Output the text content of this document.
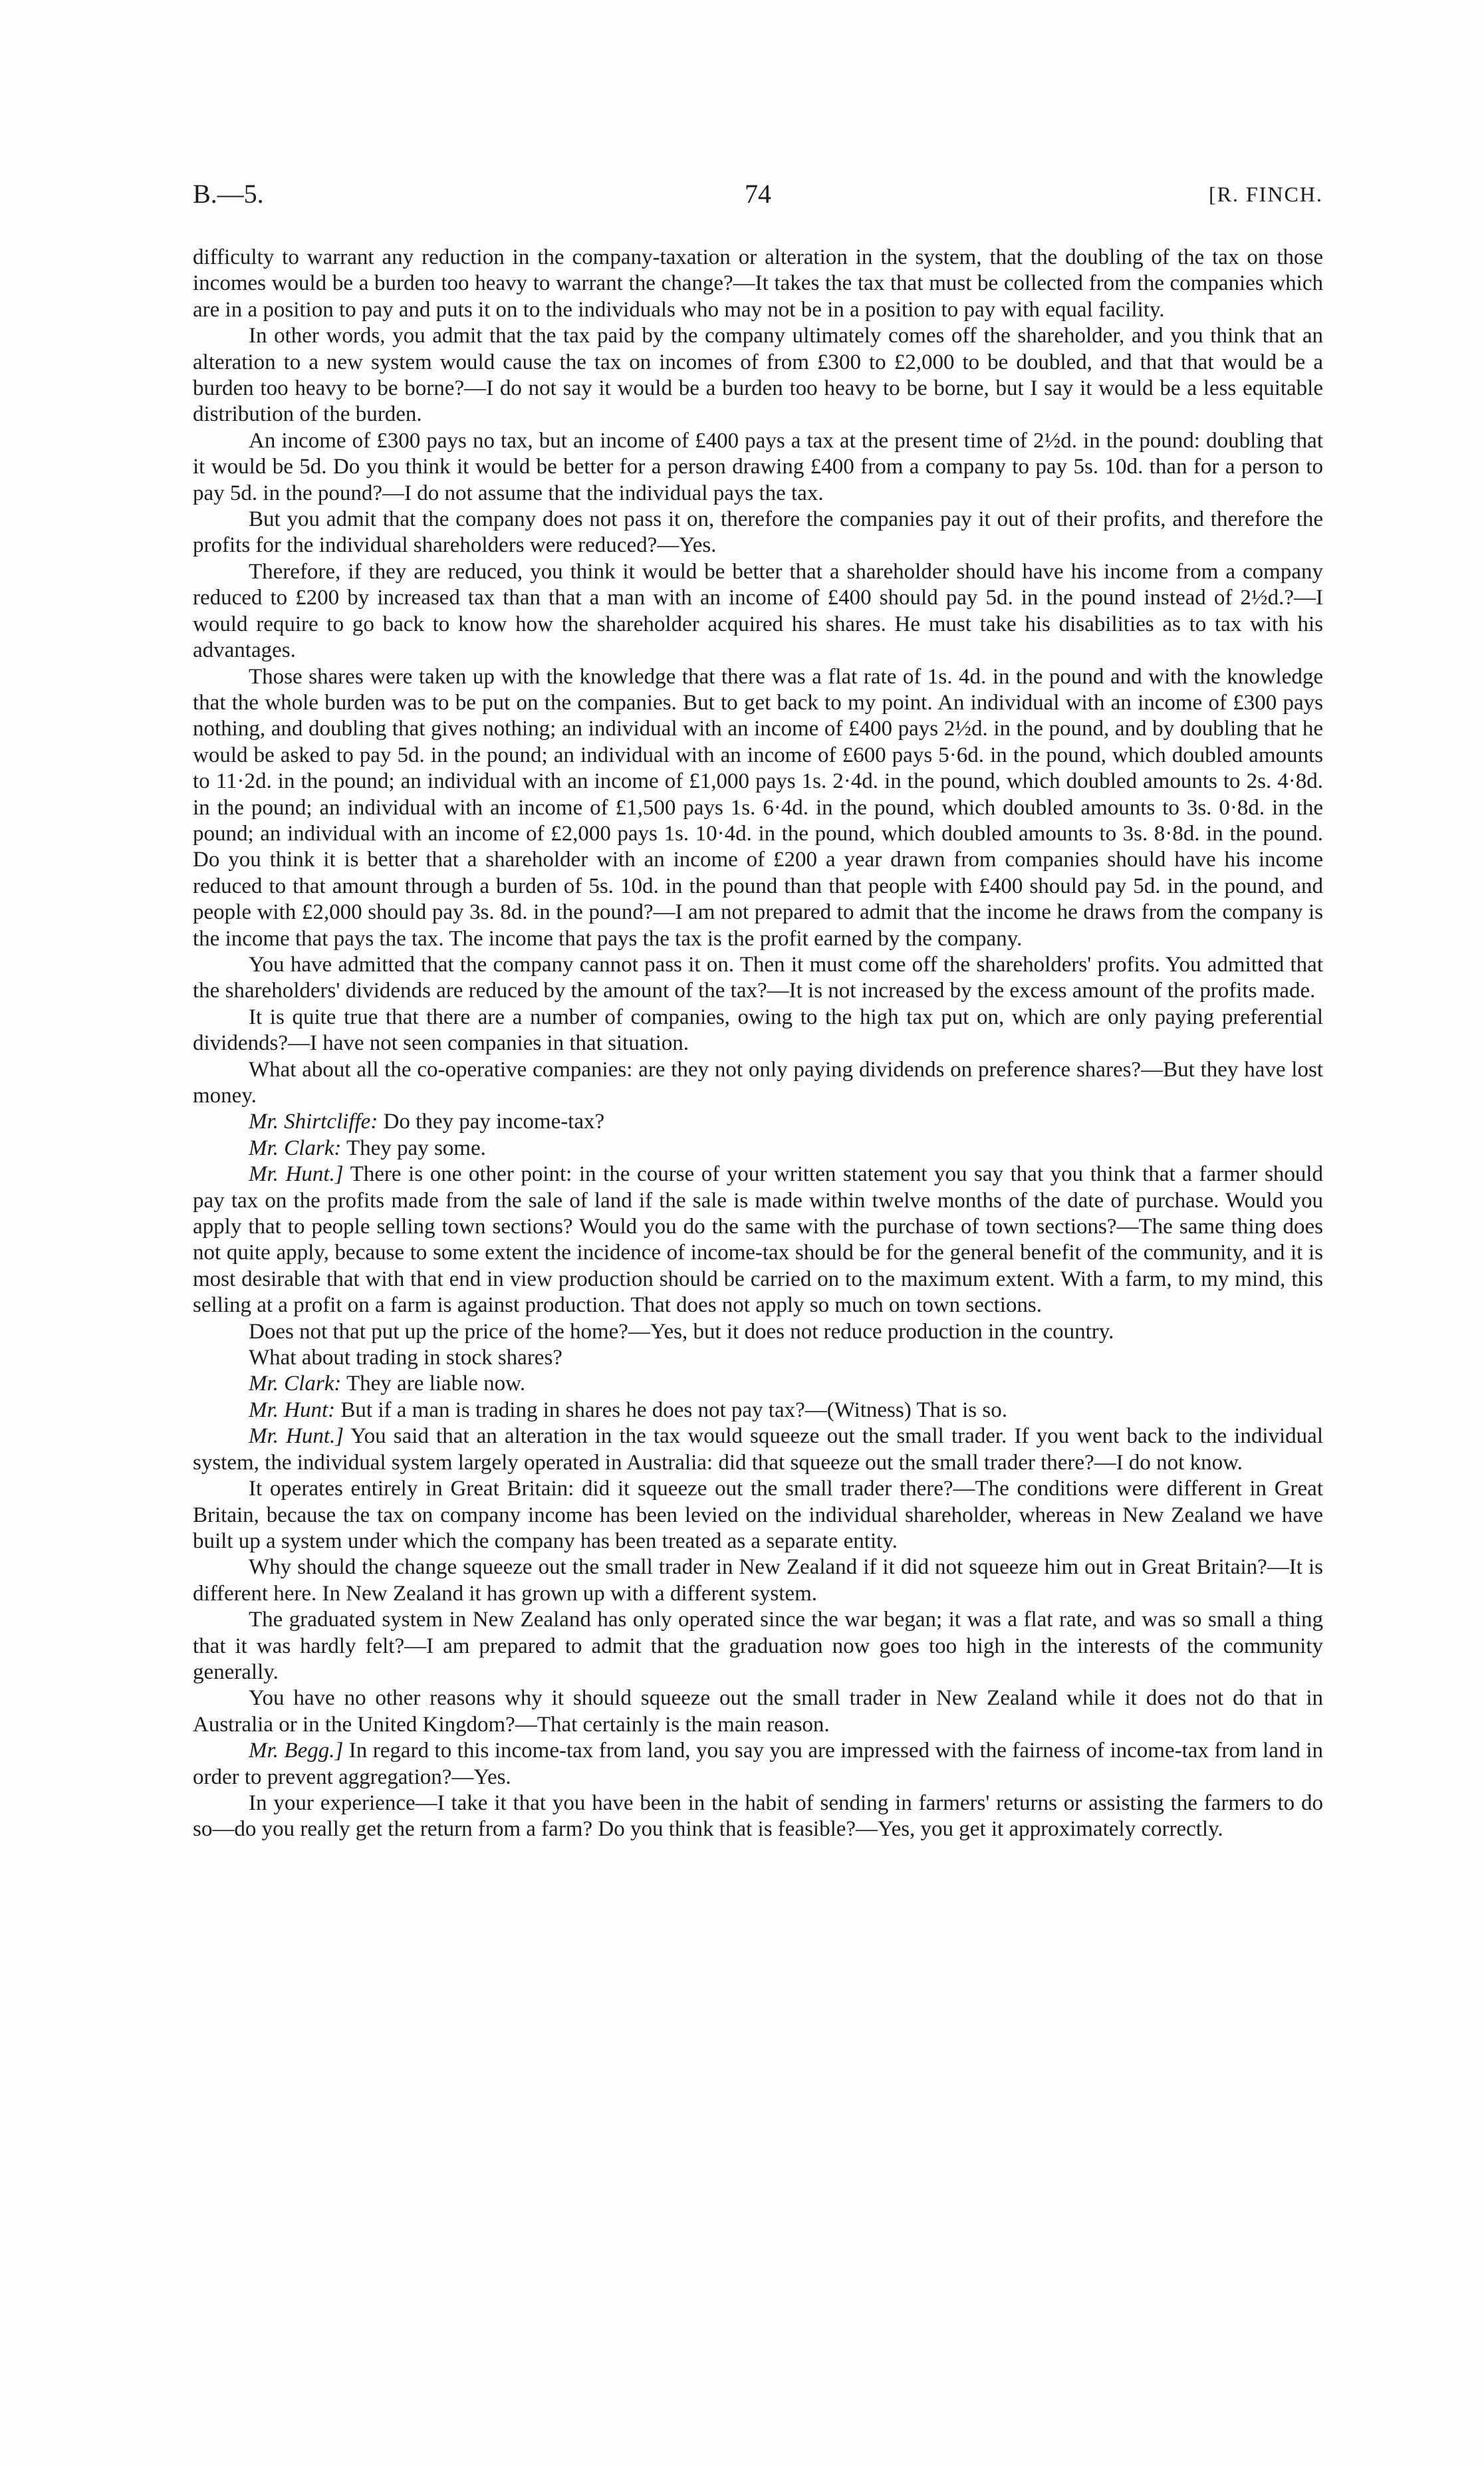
B.—5.	74	[R. FINCH.

difficulty to warrant any reduction in the company-taxation or alteration in the system, that the doubling of the tax on those incomes would be a burden too heavy to warrant the change?—It takes the tax that must be collected from the companies which are in a position to pay and puts it on to the individuals who may not be in a position to pay with equal facility.

In other words, you admit that the tax paid by the company ultimately comes off the shareholder, and you think that an alteration to a new system would cause the tax on incomes of from £300 to £2,000 to be doubled, and that that would be a burden too heavy to be borne?—I do not say it would be a burden too heavy to be borne, but I say it would be a less equitable distribution of the burden.

An income of £300 pays no tax, but an income of £400 pays a tax at the present time of 2½d. in the pound: doubling that it would be 5d. Do you think it would be better for a person drawing £400 from a company to pay 5s. 10d. than for a person to pay 5d. in the pound?—I do not assume that the individual pays the tax.

But you admit that the company does not pass it on, therefore the companies pay it out of their profits, and therefore the profits for the individual shareholders were reduced?—Yes.

Therefore, if they are reduced, you think it would be better that a shareholder should have his income from a company reduced to £200 by increased tax than that a man with an income of £400 should pay 5d. in the pound instead of 2½d.?—I would require to go back to know how the shareholder acquired his shares. He must take his disabilities as to tax with his advantages.

Those shares were taken up with the knowledge that there was a flat rate of 1s. 4d. in the pound and with the knowledge that the whole burden was to be put on the companies. But to get back to my point. An individual with an income of £300 pays nothing, and doubling that gives nothing; an individual with an income of £400 pays 2½d. in the pound, and by doubling that he would be asked to pay 5d. in the pound; an individual with an income of £600 pays 5·6d. in the pound, which doubled amounts to 11·2d. in the pound; an individual with an income of £1,000 pays 1s. 2·4d. in the pound, which doubled amounts to 2s. 4·8d. in the pound; an individual with an income of £1,500 pays 1s. 6·4d. in the pound, which doubled amounts to 3s. 0·8d. in the pound; an individual with an income of £2,000 pays 1s. 10·4d. in the pound, which doubled amounts to 3s. 8·8d. in the pound. Do you think it is better that a shareholder with an income of £200 a year drawn from companies should have his income reduced to that amount through a burden of 5s. 10d. in the pound than that people with £400 should pay 5d. in the pound, and people with £2,000 should pay 3s. 8d. in the pound?—I am not prepared to admit that the income he draws from the company is the income that pays the tax. The income that pays the tax is the profit earned by the company.

You have admitted that the company cannot pass it on. Then it must come off the shareholders' profits. You admitted that the shareholders' dividends are reduced by the amount of the tax?—It is not increased by the excess amount of the profits made.

It is quite true that there are a number of companies, owing to the high tax put on, which are only paying preferential dividends?—I have not seen companies in that situation.

What about all the co-operative companies: are they not only paying dividends on preference shares?—But they have lost money.

Mr. Shirtcliffe: Do they pay income-tax?

Mr. Clark: They pay some.

Mr. Hunt.] There is one other point: in the course of your written statement you say that you think that a farmer should pay tax on the profits made from the sale of land if the sale is made within twelve months of the date of purchase. Would you apply that to people selling town sections? Would you do the same with the purchase of town sections?—The same thing does not quite apply, because to some extent the incidence of income-tax should be for the general benefit of the community, and it is most desirable that with that end in view production should be carried on to the maximum extent. With a farm, to my mind, this selling at a profit on a farm is against production. That does not apply so much on town sections.

Does not that put up the price of the home?—Yes, but it does not reduce production in the country.

What about trading in stock shares?

Mr. Clark: They are liable now.

Mr. Hunt: But if a man is trading in shares he does not pay tax?—(Witness) That is so.

Mr. Hunt.] You said that an alteration in the tax would squeeze out the small trader. If you went back to the individual system, the individual system largely operated in Australia: did that squeeze out the small trader there?—I do not know.

It operates entirely in Great Britain: did it squeeze out the small trader there?—The conditions were different in Great Britain, because the tax on company income has been levied on the individual shareholder, whereas in New Zealand we have built up a system under which the company has been treated as a separate entity.

Why should the change squeeze out the small trader in New Zealand if it did not squeeze him out in Great Britain?—It is different here. In New Zealand it has grown up with a different system.

The graduated system in New Zealand has only operated since the war began; it was a flat rate, and was so small a thing that it was hardly felt?—I am prepared to admit that the graduation now goes too high in the interests of the community generally.

You have no other reasons why it should squeeze out the small trader in New Zealand while it does not do that in Australia or in the United Kingdom?—That certainly is the main reason.

Mr. Begg.] In regard to this income-tax from land, you say you are impressed with the fairness of income-tax from land in order to prevent aggregation?—Yes.

In your experience—I take it that you have been in the habit of sending in farmers' returns or assisting the farmers to do so—do you really get the return from a farm? Do you think that is feasible?—Yes, you get it approximately correctly.
